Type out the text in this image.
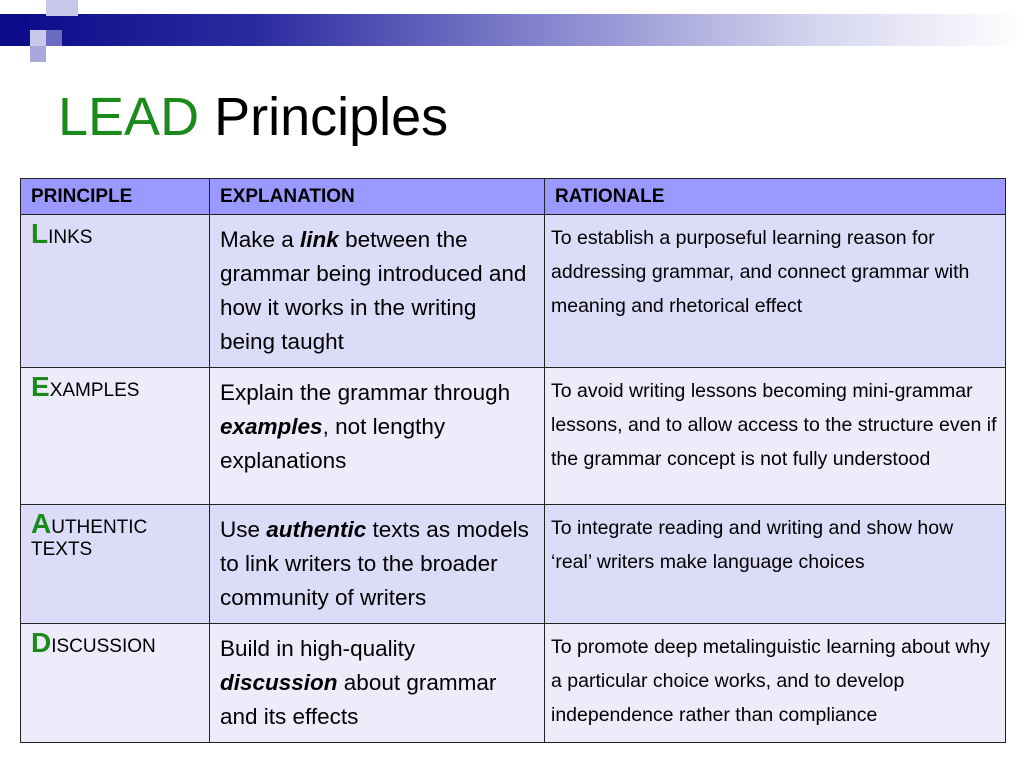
LEAD Principles
PRINCIPLE	EXPLANATION	RATIONALE
LINKS	Make a link between the grammar being introduced and how it works in the writing being taught	To establish a purposeful learning reason for addressing grammar, and connect grammar with meaning and rhetorical effect
EXAMPLES	Explain the grammar through examples, not lengthy explanations	To avoid writing lessons becoming mini-grammar lessons, and to allow access to the structure even if the grammar concept is not fully understood
AUTHENTIC TEXTS	Use authentic texts as models to link writers to the broader community of writers	To integrate reading and writing and show how ‘real’ writers make language choices
DISCUSSION	Build in high-quality discussion about grammar and its effects	To promote deep metalinguistic learning about why a particular choice works, and to develop independence rather than compliance
